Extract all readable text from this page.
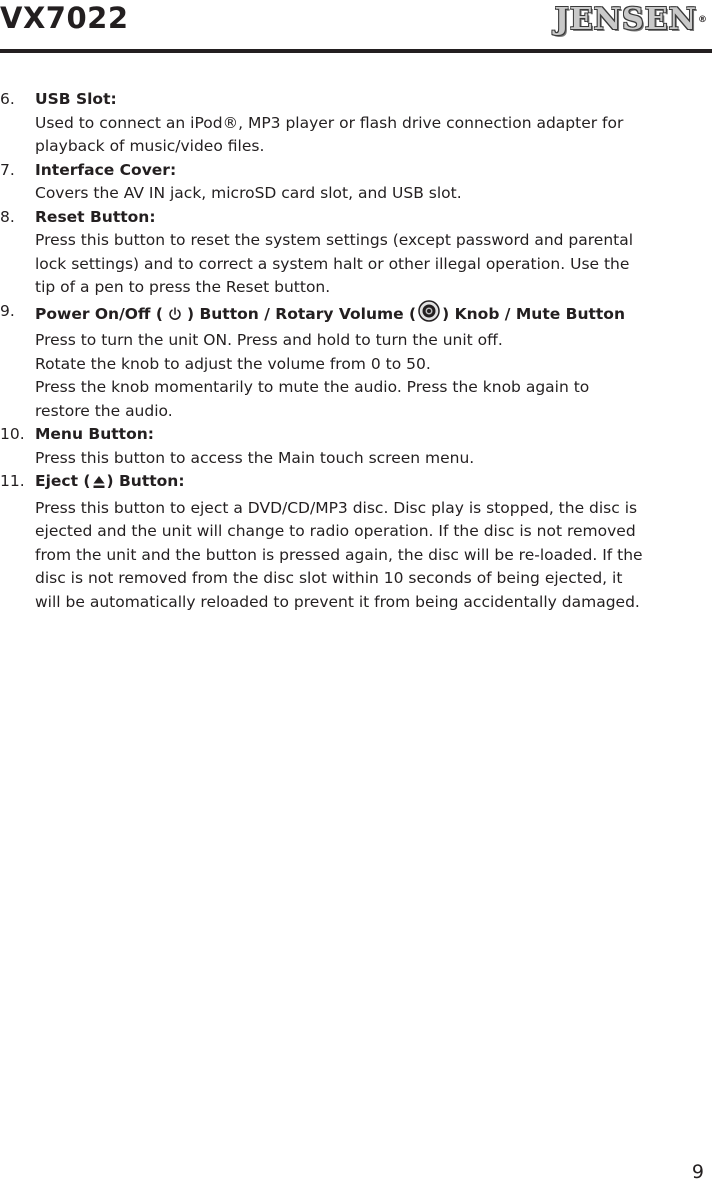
VX7022	JENSEN®
6. USB Slot:
Used to connect an iPod®, MP3 player or flash drive connection adapter for
playback of music/video files.
7. Interface Cover:
Covers the AV IN jack, microSD card slot, and USB slot.
8. Reset Button:
Press this button to reset the system settings (except password and parental
lock settings) and to correct a system halt or other illegal operation. Use the
tip of a pen to press the Reset button.
9. Power On/Off ( ) Button / Rotary Volume ( ) Knob / Mute Button
Press to turn the unit ON. Press and hold to turn the unit off.
Rotate the knob to adjust the volume from 0 to 50.
Press the knob momentarily to mute the audio. Press the knob again to
restore the audio.
10. Menu Button:
Press this button to access the Main touch screen menu.
11. Eject ( ) Button:
Press this button to eject a DVD/CD/MP3 disc. Disc play is stopped, the disc is
ejected and the unit will change to radio operation. If the disc is not removed
from the unit and the button is pressed again, the disc will be re-loaded. If the
disc is not removed from the disc slot within 10 seconds of being ejected, it
will be automatically reloaded to prevent it from being accidentally damaged.
9
